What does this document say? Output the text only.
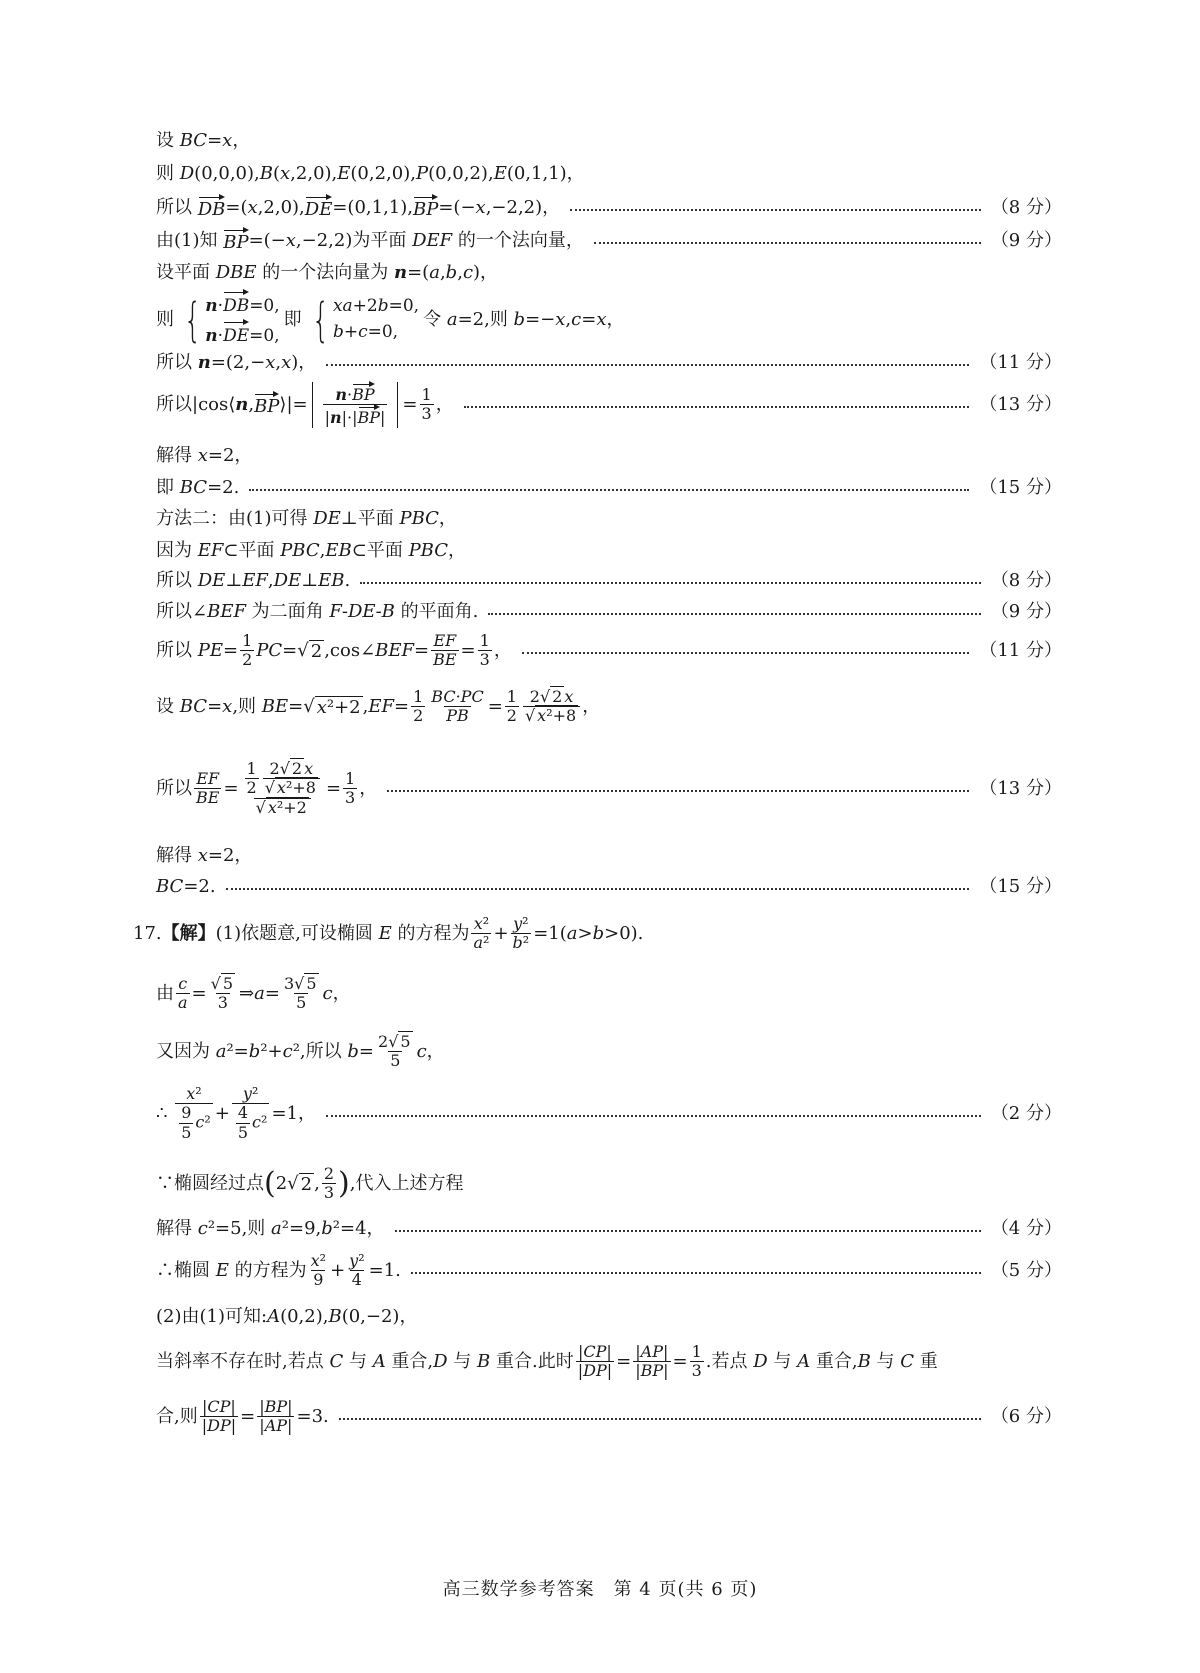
设 BC = x ，
则 D (0,0,0), B ( x ,2,0), E (0,2,0), P (0,0,2), E (0,1,1)，
所以 DB =( x ,2,0), DE =(0,1,1), BP =(− x ,−2,2)，	（8 分）
由(1)知 BP =(− x ,−2,2)为平面 DEF 的一个法向量，	（9 分）
设平面 DBE 的一个法向量为 n =( a , b , c )，
则 { n·DB=0,
n·DE=0,
即 { xa+2b=0,
b+c=0,
令 a =2,则 b =− x , c = x ，
所以 n =(2,− x , x )，	（11 分）
所以|cos⟨ n , BP ⟩|= $\frac{n\cdot BP}{|n|\cdot|BP|} = \frac{1}{3}$ ，	（13 分）
解得 x =2，
即 BC =2.	（15 分）
方法二：由(1)可得 DE ⊥平面 PBC ，
因为 EF ⊂平面 PBC , EB ⊂平面 PBC ，
所以 DE ⊥ EF , DE ⊥ EB .	（8 分）
所以∠ BEF 为二面角 F - DE - B 的平面角.	（9 分）
所以 PE = $\frac{1}{2}$ PC =√ 2 ,cos∠ BEF = $\frac{EF}{BE} = \frac{1}{3}$ ，	（11 分）
设 BC = x ,则 BE =√ x²+2 , EF = $\frac{1}{2} \frac{BC\cdot PC}{PB} = \frac{1}{2} \frac{2√ 2 x}{\text{√ x²+8}}$ ，
所以 $\frac{EF}{BE} = \frac{\frac{1}{2} \frac{2√ 2 x}{\text{√ x²+8}}}{\text{√ x²+2}} = \frac{1}{3}$ ，	（13 分）
解得 x =2，
BC =2.	（15 分）
17. 【解】 (1)依题意,可设椭圆 E 的方程为 $\frac{\text{x²}}{\text{a²}} + \frac{\text{y²}}{\text{b²}} =1$( a > b >0).
由 $\frac{c}{a} = \frac{√ 5}{3}$ ⇒ $a = \frac{3√ 5}{5}$ c ，
又因为 a ²= b ²+ c ²,所以 $b = \frac{2√ 5}{5}$ c ，
∴ $\frac{\text{x²}}{\frac{9}{5} c^2} + \frac{\text{y²}}{\frac{4}{5} c^2} =1$，	（2 分）
∵椭圆经过点 ( 2√ 2 , $\frac{2}{3}$ ) ,代入上述方程
解得 c ²=5,则 a ²=9, b ²=4，	（4 分）
∴椭圆 E 的方程为 $\frac{\text{x²}}{9} + \frac{\text{y²}}{4} =1$.	（5 分）
(2)由(1)可知: A (0,2), B (0,−2)，
当斜率不存在时,若点 C 与 A 重合, D 与 B 重合.此时 $\frac{|CP|}{|DP|} = \frac{|AP|}{|BP|} = \frac{1}{3}$ .若点 D 与 A 重合, B 与 C 重
合,则 $\frac{|CP|}{|DP|} = \frac{|BP|}{|AP|} =3$.	（6 分）
高三数学参考答案　第 4 页(共 6 页)
